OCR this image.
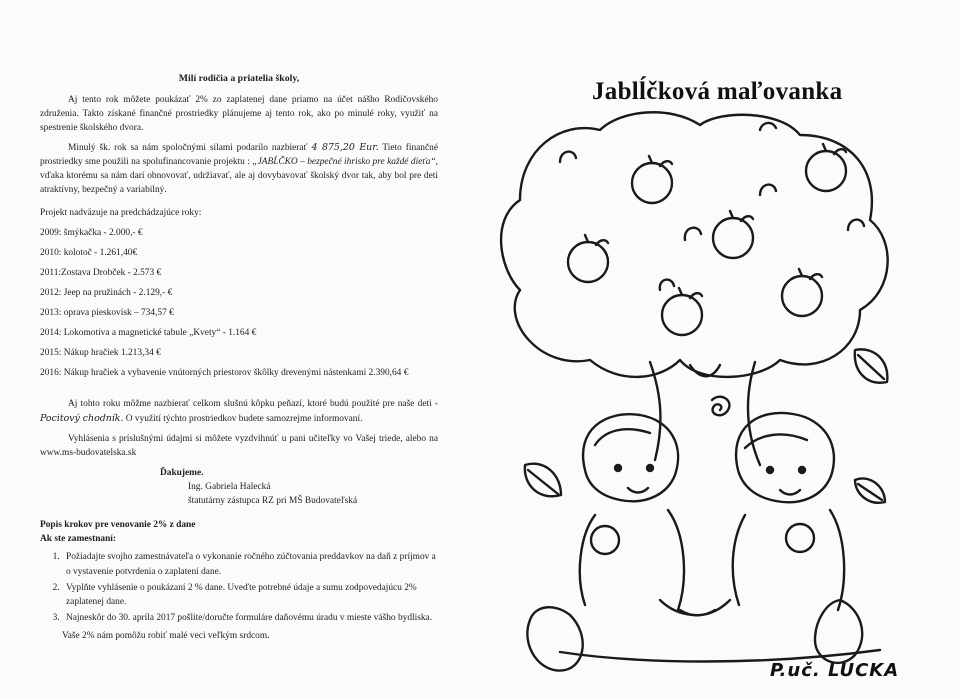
Milí rodičia a priatelia školy,

Aj tento rok môžete poukázať 2% zo zaplatenej dane priamo na účet nášho Rodičovského združenia. Takto získané finančné prostriedky plánujeme aj tento rok, ako po minulé roky, využiť na spestrenie školského dvora.

Minulý šk. rok sa nám spoločnými silami podarilo nazbierať 4 875,20 Eur. Tieto finančné prostriedky sme použili na spolufinancovanie projektu : „JABĹČKO – bezpečné ihrisko pre každé dieťa“, vďaka ktorému sa nám darí obnovovať, udržiavať, ale aj dovybavovať školský dvor tak, aby bol pre deti atraktívny, bezpečný a variabilný.

Projekt nadväzuje na predchádzajúce roky:

2009: šmýkačka - 2.000,- €

2010: kolotoč - 1.261,40€

2011:Zostava Drobček - 2.573 €

2012: Jeep na pružinách - 2.129,- €

2013: oprava pieskovísk – 734,57 €

2014: Lokomotíva a magnetické tabule „Kvety“ - 1.164 €

2015: Nákup hračiek 1.213,34 €

2016: Nákup hračiek a vybavenie vnútorných priestorov škôlky drevenými nástenkami 2.390,64 €

Aj tohto roku môžme nazbierať celkom slušnú kôpku peňazí, ktoré budú použité pre naše deti - Pocitový chodník. O využití týchto prostriedkov budete samozrejme informovaní.

Vyhlásenia s príslušnými údajmi si môžete vyzdvihnúť u pani učiteľky vo Vašej triede, alebo na www.ms-budovatelska.sk

Ďakujeme.
Ing. Gabriela Halecká
štatutárny zástupca RZ pri MŠ Budovateľská

Popis krokov pre venovanie 2% z dane

Ak ste zamestnaní:

1. Požiadajte svojho zamestnávateľa o vykonanie ročného zúčtovania preddavkov na daň z príjmov a o vystavenie potvrdenia o zaplatení dane.
2. Vyplňte vyhlásenie o poukázaní 2 % dane. Uveďte potrebné údaje a sumu zodpovedajúcu 2% zaplatenej dane.
3. Najneskôr do 30. apríla 2017 pošlite/doručte formuláre daňovému úradu v mieste vášho bydliska.

Vaše 2% nám pomôžu robiť malé veci veľkým srdcom.

Jablĺčková maľovanka
P.uč. LUCKA
